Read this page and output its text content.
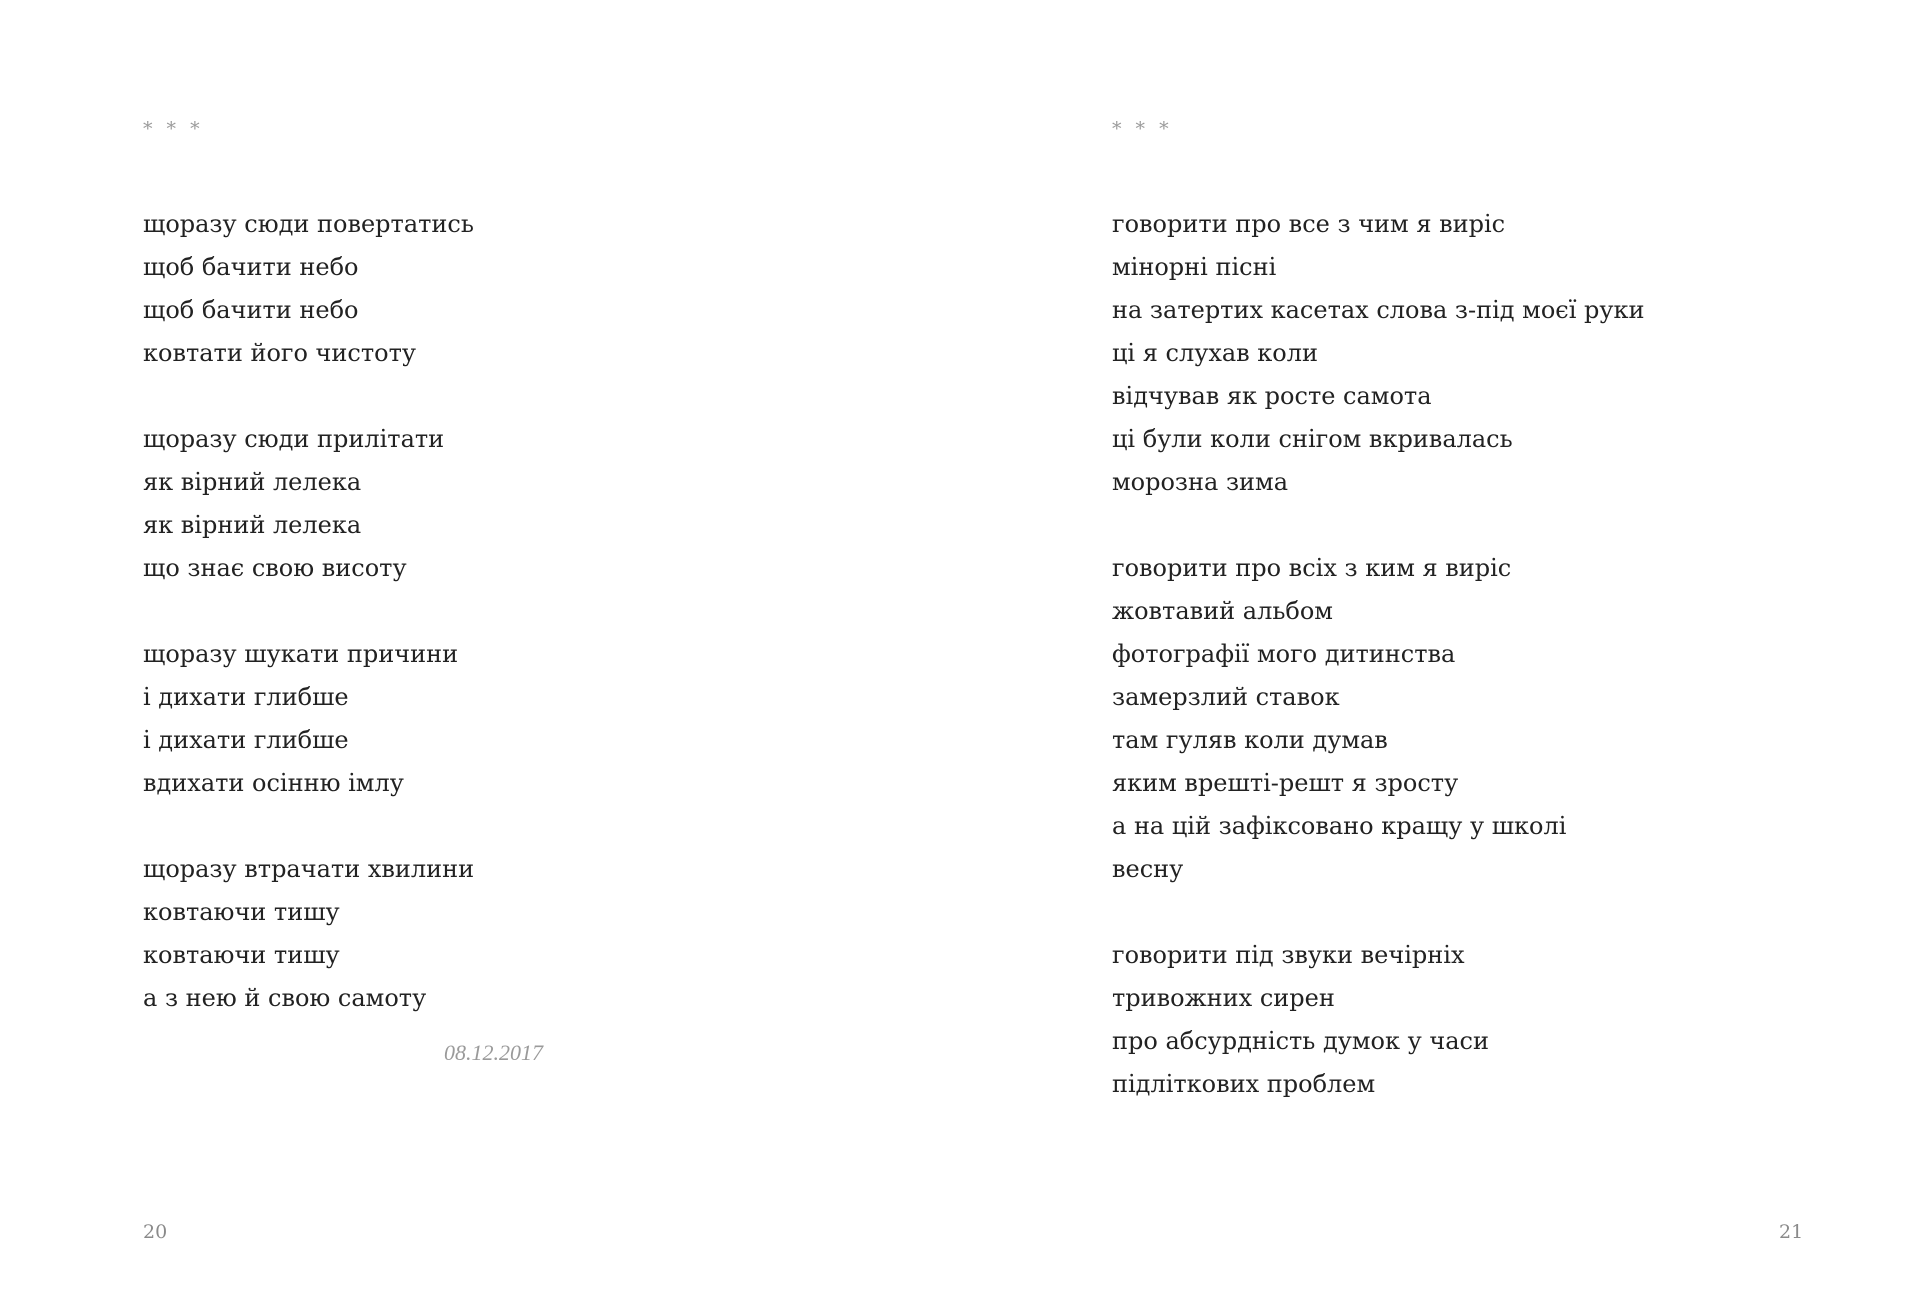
* * *
щоразу сюди повертатись
щоб бачити небо
щоб бачити небо
ковтати його чистоту
щоразу сюди прилітати
як вірний лелека
як вірний лелека
що знає свою висоту
щоразу шукати причини
і дихати глибше
і дихати глибше
вдихати осінню імлу
щоразу втрачати хвилини
ковтаючи тишу
ковтаючи тишу
а з нею й свою самоту
08.12.2017
20
* * *
говорити про все з чим я виріс
мінорні пісні
на затертих касетах слова з-під моєї руки
ці я слухав коли
відчував як росте самота
ці були коли снігом вкривалась
морозна зима
говорити про всіх з ким я виріс
жовтавий альбом
фотографії мого дитинства
замерзлий ставок
там гуляв коли думав
яким врешті-решт я зросту
а на цій зафіксовано кращу у школі
весну
говорити під звуки вечірніх
тривожних сирен
про абсурдність думок у часи
підліткових проблем
21
